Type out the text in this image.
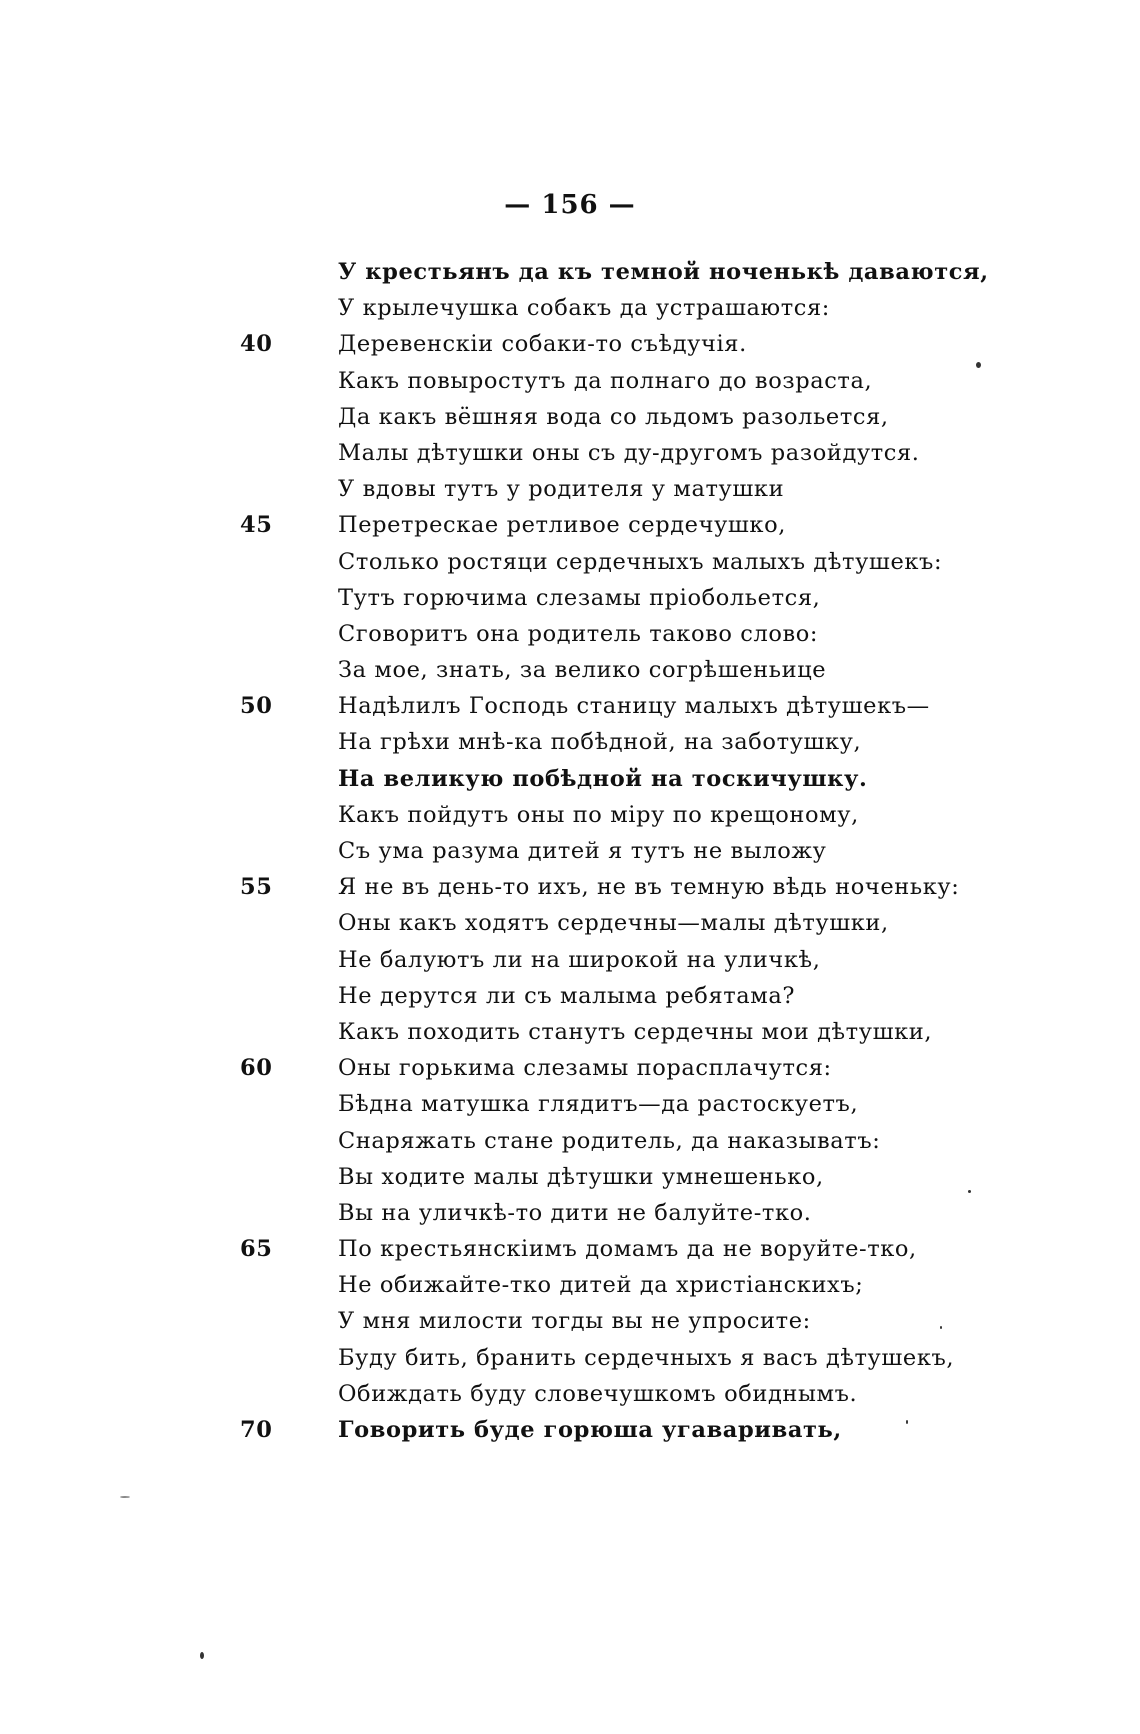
— 156 —
У крестьянъ да къ темной ноченькѣ даваются,
У крылечушка собакъ да устрашаются:
40	Деревенскіи собаки-то съѣдучія.
Какъ повыростутъ да полнаго до возраста,
Да какъ вёшняя вода со льдомъ разольется,
Малы дѣтушки оны съ ду-другомъ разойдутся.
У вдовы тутъ у родителя у матушки
45	Перетрескае ретливое сердечушко,
Столько ростяци сердечныхъ малыхъ дѣтушекъ:
Тутъ горючима слезамы пріобольется,
Сговоритъ она родитель таково слово:
За мое, знать, за велико согрѣшеньице
50	Надѣлилъ Господь станицу малыхъ дѣтушекъ—
На грѣхи мнѣ-ка побѣдной, на заботушку,
На великую побѣдной на тоскичушку.
Какъ пойдутъ оны по міру по крещоному,
Съ ума разума дитей я тутъ не выложу
55	Я не въ день-то ихъ, не въ темную вѣдь ноченьку:
Оны какъ ходятъ сердечны—малы дѣтушки,
Не балуютъ ли на широкой на уличкѣ,
Не дерутся ли съ малыма ребятама?
Какъ походить станутъ сердечны мои дѣтушки,
60	Оны горькима слезамы порасплачутся:
Бѣдна матушка глядитъ—да растоскуетъ,
Снаряжать стане родитель, да наказыватъ:
Вы ходите малы дѣтушки умнешенько,
Вы на уличкѣ-то дити не балуйте-тко.
65	По крестьянскіимъ домамъ да не воруйте-тко,
Не обижайте-тко дитей да христіанскихъ;
У мня милости тогды вы не упросите:
Буду бить, бранить сердечныхъ я васъ дѣтушекъ,
Обиждать буду словечушкомъ обиднымъ.
70	Говорить буде горюша угаваривать,
